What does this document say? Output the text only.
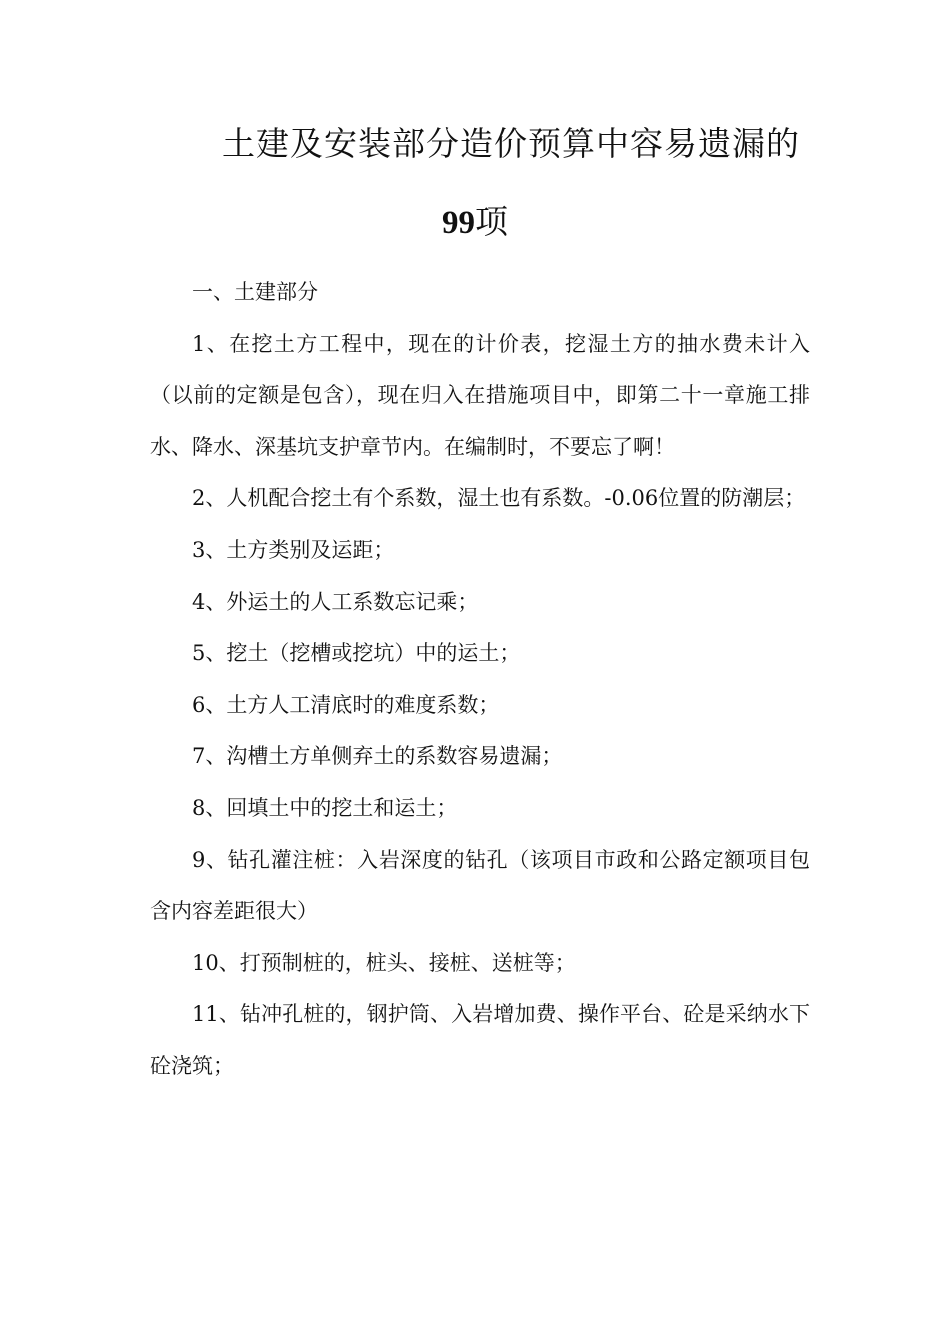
土建及安装部分造价预算中容易遗漏的
99项

一、土建部分

1、在挖土方工程中，现在的计价表，挖湿土方的抽水费未计入（以前的定额是包含），现在归入在措施项目中，即第二十一章施工排水、降水、深基坑支护章节内。在编制时，不要忘了啊！

2、人机配合挖土有个系数，湿土也有系数。-0.06位置的防潮层；

3、土方类别及运距；

4、外运土的人工系数忘记乘；

5、挖土（挖槽或挖坑）中的运土；

6、土方人工清底时的难度系数；

7、沟槽土方单侧弃土的系数容易遗漏；

8、回填土中的挖土和运土；

9、钻孔灌注桩：入岩深度的钻孔（该项目市政和公路定额项目包含内容差距很大）

10、打预制桩的，桩头、接桩、送桩等；

11、钻冲孔桩的，钢护筒、入岩增加费、操作平台、砼是采纳水下砼浇筑；
